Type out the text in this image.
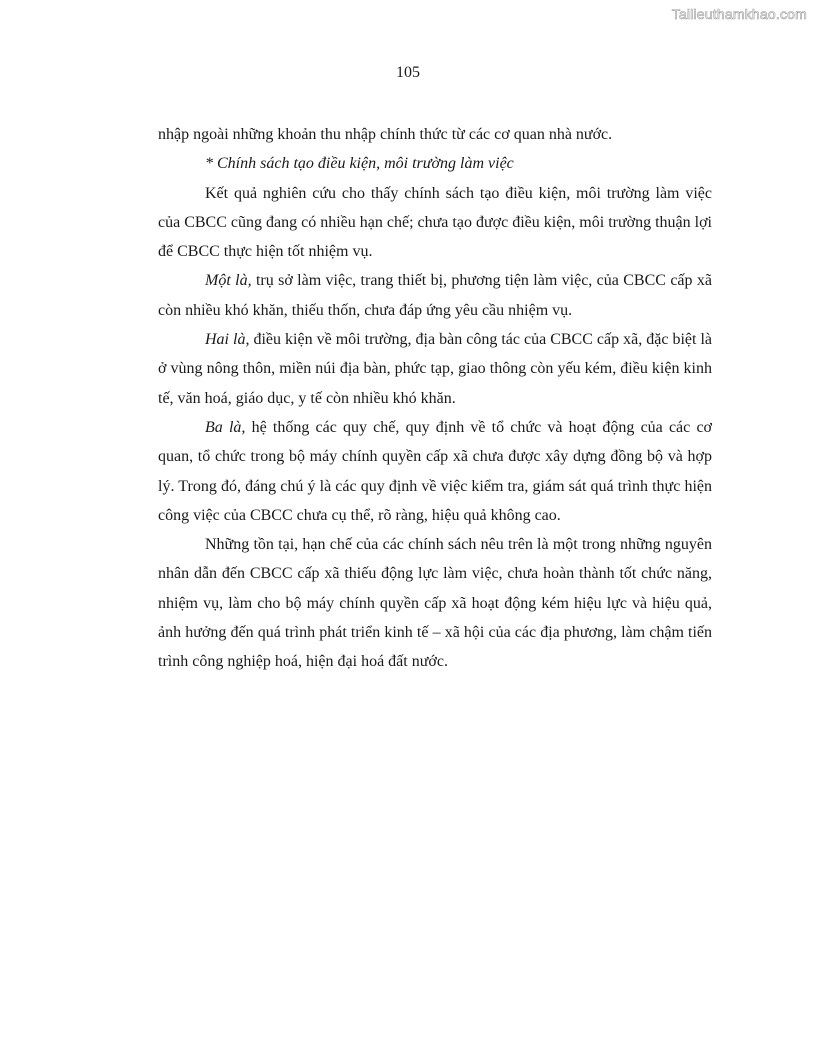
Tailieuthamkhao.com
105

nhập ngoài những khoản thu nhập chính thức từ các cơ quan nhà nước.

* Chính sách tạo điều kiện, môi trường làm việc

Kết quả nghiên cứu cho thấy chính sách tạo điều kiện, môi trường làm việc của CBCC cũng đang có nhiều hạn chế; chưa tạo được điều kiện, môi trường thuận lợi để CBCC thực hiện tốt nhiệm vụ.

Một là, trụ sở làm việc, trang thiết bị, phương tiện làm việc, của CBCC cấp xã còn nhiều khó khăn, thiếu thốn, chưa đáp ứng yêu cầu nhiệm vụ.

Hai là, điều kiện về môi trường, địa bàn công tác của CBCC cấp xã, đặc biệt là ở vùng nông thôn, miền núi địa bàn, phức tạp, giao thông còn yếu kém, điều kiện kinh tế, văn hoá, giáo dục, y tế còn nhiều khó khăn.

Ba là, hệ thống các quy chế, quy định về tổ chức và hoạt động của các cơ quan, tổ chức trong bộ máy chính quyền cấp xã chưa được xây dựng đồng bộ và hợp lý. Trong đó, đáng chú ý là các quy định về việc kiểm tra, giám sát quá trình thực hiện công việc của CBCC chưa cụ thể, rõ ràng, hiệu quả không cao.

Những tồn tại, hạn chế của các chính sách nêu trên là một trong những nguyên nhân dẫn đến CBCC cấp xã thiếu động lực làm việc, chưa hoàn thành tốt chức năng, nhiệm vụ, làm cho bộ máy chính quyền cấp xã hoạt động kém hiệu lực và hiệu quả, ảnh hưởng đến quá trình phát triển kinh tế – xã hội của các địa phương, làm chậm tiến trình công nghiệp hoá, hiện đại hoá đất nước.
